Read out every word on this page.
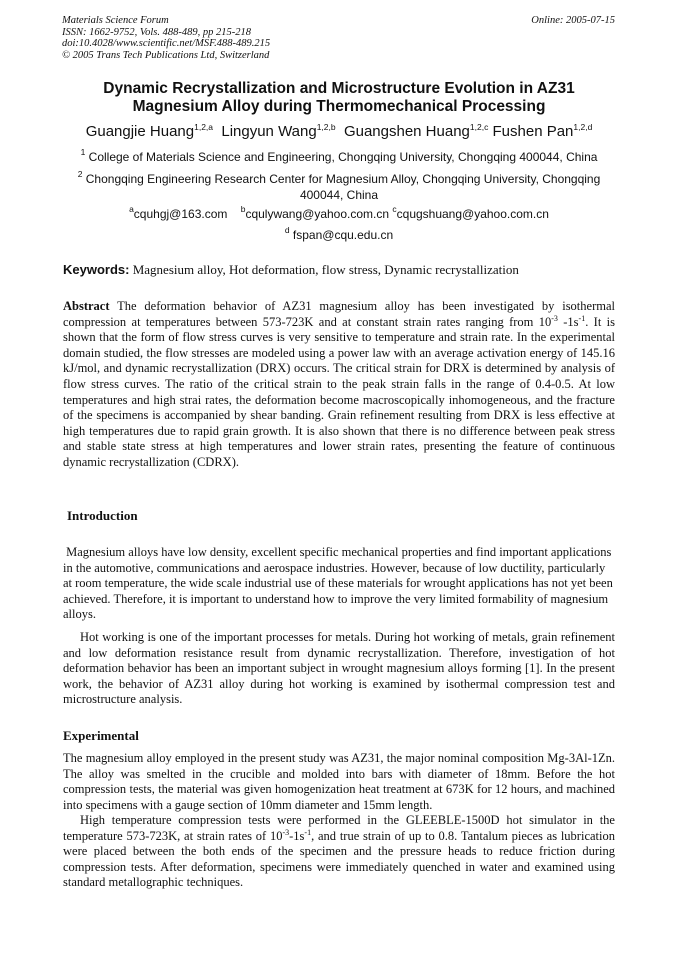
Materials Science Forum
ISSN: 1662-9752, Vols. 488-489, pp 215-218
doi:10.4028/www.scientific.net/MSF.488-489.215
© 2005 Trans Tech Publications Ltd, Switzerland
Online: 2005-07-15
Dynamic Recrystallization and Microstructure Evolution in AZ31
Magnesium Alloy during Thermomechanical Processing
Guangjie Huang$^{1,2,a}$ Lingyun Wang$^{1,2,b}$ Guangshen Huang$^{1,2,c}$ Fushen Pan$^{1,2,d}$
$^1$ College of Materials Science and Engineering, Chongqing University, Chongqing 400044, China
$^2$ Chongqing Engineering Research Center for Magnesium Alloy, Chongqing University, Chongqing 400044, China
$^a$cquhgj@163.com $^b$cqulywang@yahoo.com.cn $^c$cqugshuang@yahoo.com.cn
$^d$ fspan@cqu.edu.cn
Keywords: Magnesium alloy, Hot deformation, flow stress, Dynamic recrystallization
Abstract The deformation behavior of AZ31 magnesium alloy has been investigated by isothermal compression at temperatures between 573-723K and at constant strain rates ranging from $10^{-3}$ $-1s^{-1}$. It is shown that the form of flow stress curves is very sensitive to temperature and strain rate. In the experimental domain studied, the flow stresses are modeled using a power law with an average activation energy of 145.16 kJ/mol, and dynamic recrystallization (DRX) occurs. The critical strain for DRX is determined by analysis of flow stress curves. The ratio of the critical strain to the peak strain falls in the range of 0.4-0.5. At low temperatures and high strai rates, the deformation become macroscopically inhomogeneous, and the fracture of the specimens is accompanied by shear banding. Grain refinement resulting from DRX is less effective at high temperatures due to rapid grain growth. It is also shown that there is no difference between peak stress and stable state stress at high temperatures and lower strain rates, presenting the feature of continuous dynamic recrystallization (CDRX).
Introduction
Magnesium alloys have low density, excellent specific mechanical properties and find important applications in the automotive, communications and aerospace industries. However, because of low ductility, particularly at room temperature, the wide scale industrial use of these materials for wrought applications has not yet been achieved. Therefore, it is important to understand how to improve the very limited formability of magnesium alloys.
Hot working is one of the important processes for metals. During hot working of metals, grain refinement and low deformation resistance result from dynamic recrystallization. Therefore, investigation of hot deformation behavior has been an important subject in wrought magnesium alloys forming [1]. In the present work, the behavior of AZ31 alloy during hot working is examined by isothermal compression test and microstructure analysis.
Experimental
The magnesium alloy employed in the present study was AZ31, the major nominal composition Mg-3Al-1Zn. The alloy was smelted in the crucible and molded into bars with diameter of 18mm. Before the hot compression tests, the material was given homogenization heat treatment at 673K for 12 hours, and machined into specimens with a gauge section of 10mm diameter and 15mm length.
High temperature compression tests were performed in the GLEEBLE-1500D hot simulator in the temperature 573-723K, at strain rates of $10^{-3}-1s^{-1}$, and true strain of up to 0.8. Tantalum pieces as lubrication were placed between the both ends of the specimen and the pressure heads to reduce friction during compression tests. After deformation, specimens were immediately quenched in water and examined using standard metallographic techniques.
